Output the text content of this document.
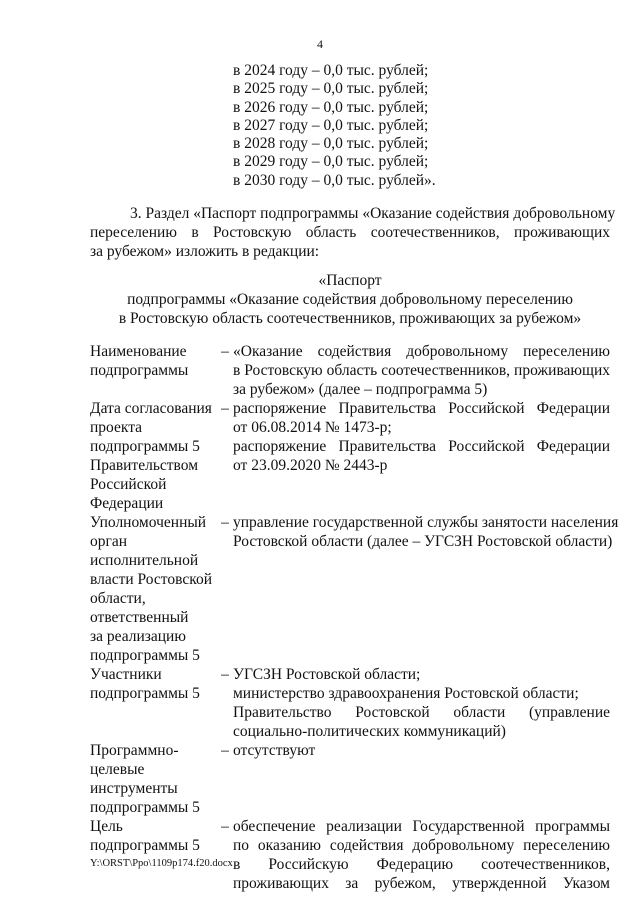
4
в 2024 году – 0,0 тыс. рублей;
в 2025 году – 0,0 тыс. рублей;
в 2026 году – 0,0 тыс. рублей;
в 2027 году – 0,0 тыс. рублей;
в 2028 году – 0,0 тыс. рублей;
в 2029 году – 0,0 тыс. рублей;
в 2030 году – 0,0 тыс. рублей».
3. Раздел «Паспорт подпрограммы «Оказание содействия добровольному
переселению в Ростовскую область соотечественников, проживающих
за рубежом» изложить в редакции:
«Паспорт
подпрограммы «Оказание содействия добровольному переселению
в Ростовскую область соотечественников, проживающих за рубежом»
Наименование
подпрограммы
– «Оказание содействия добровольному переселению
в Ростовскую область соотечественников, проживающих
за рубежом» (далее – подпрограмма 5)
Дата согласования
проекта
подпрограммы 5
Правительством
Российской
Федерации
– распоряжение Правительства Российской Федерации
от 06.08.2014 № 1473-р;
распоряжение Правительства Российской Федерации
от 23.09.2020 № 2443-р
Уполномоченный
орган
исполнительной
власти Ростовской
области,
ответственный
за реализацию
подпрограммы 5
– управление государственной службы занятости населения
Ростовской области (далее – УГСЗН Ростовской области)
Участники
подпрограммы 5
– УГСЗН Ростовской области;
министерство здравоохранения Ростовской области;
Правительство Ростовской области (управление
социально-политических коммуникаций)
Программно-
целевые
инструменты
подпрограммы 5
– отсутствуют
Цель
подпрограммы 5
– обеспечение реализации Государственной программы
по оказанию содействия добровольному переселению
в Российскую Федерацию соотечественников,
проживающих за рубежом, утвержденной Указом
Y:\ORST\Ppo\1109p174.f20.docx
